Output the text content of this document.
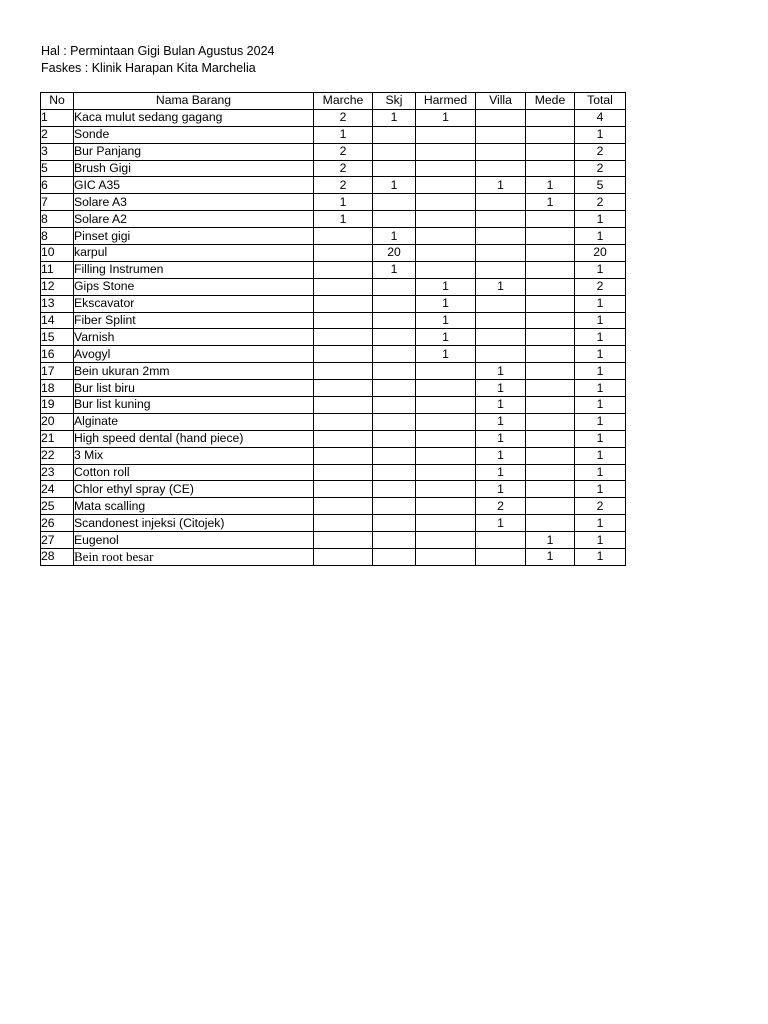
Hal : Permintaan Gigi Bulan Agustus 2024
Faskes : Klinik Harapan Kita Marchelia
No	Nama Barang	Marche	Skj	Harmed	Villa	Mede	Total
1	Kaca mulut sedang gagang	2	1	1			4
2	Sonde	1					1
3	Bur Panjang	2					2
5	Brush Gigi	2					2
6	GIC A35	2	1		1	1	5
7	Solare A3	1				1	2
8	Solare A2	1					1
8	Pinset gigi		1				1
10	karpul		20				20
11	Filling Instrumen		1				1
12	Gips Stone			1	1		2
13	Ekscavator			1			1
14	Fiber Splint			1			1
15	Varnish			1			1
16	Avogyl			1			1
17	Bein ukuran 2mm				1		1
18	Bur list biru				1		1
19	Bur list kuning				1		1
20	Alginate				1		1
21	High speed dental (hand piece)				1		1
22	3 Mix				1		1
23	Cotton roll				1		1
24	Chlor ethyl spray (CE)				1		1
25	Mata scalling				2		2
26	Scandonest injeksi (Citojek)				1		1
27	Eugenol					1	1
28	Bein root besar					1	1
